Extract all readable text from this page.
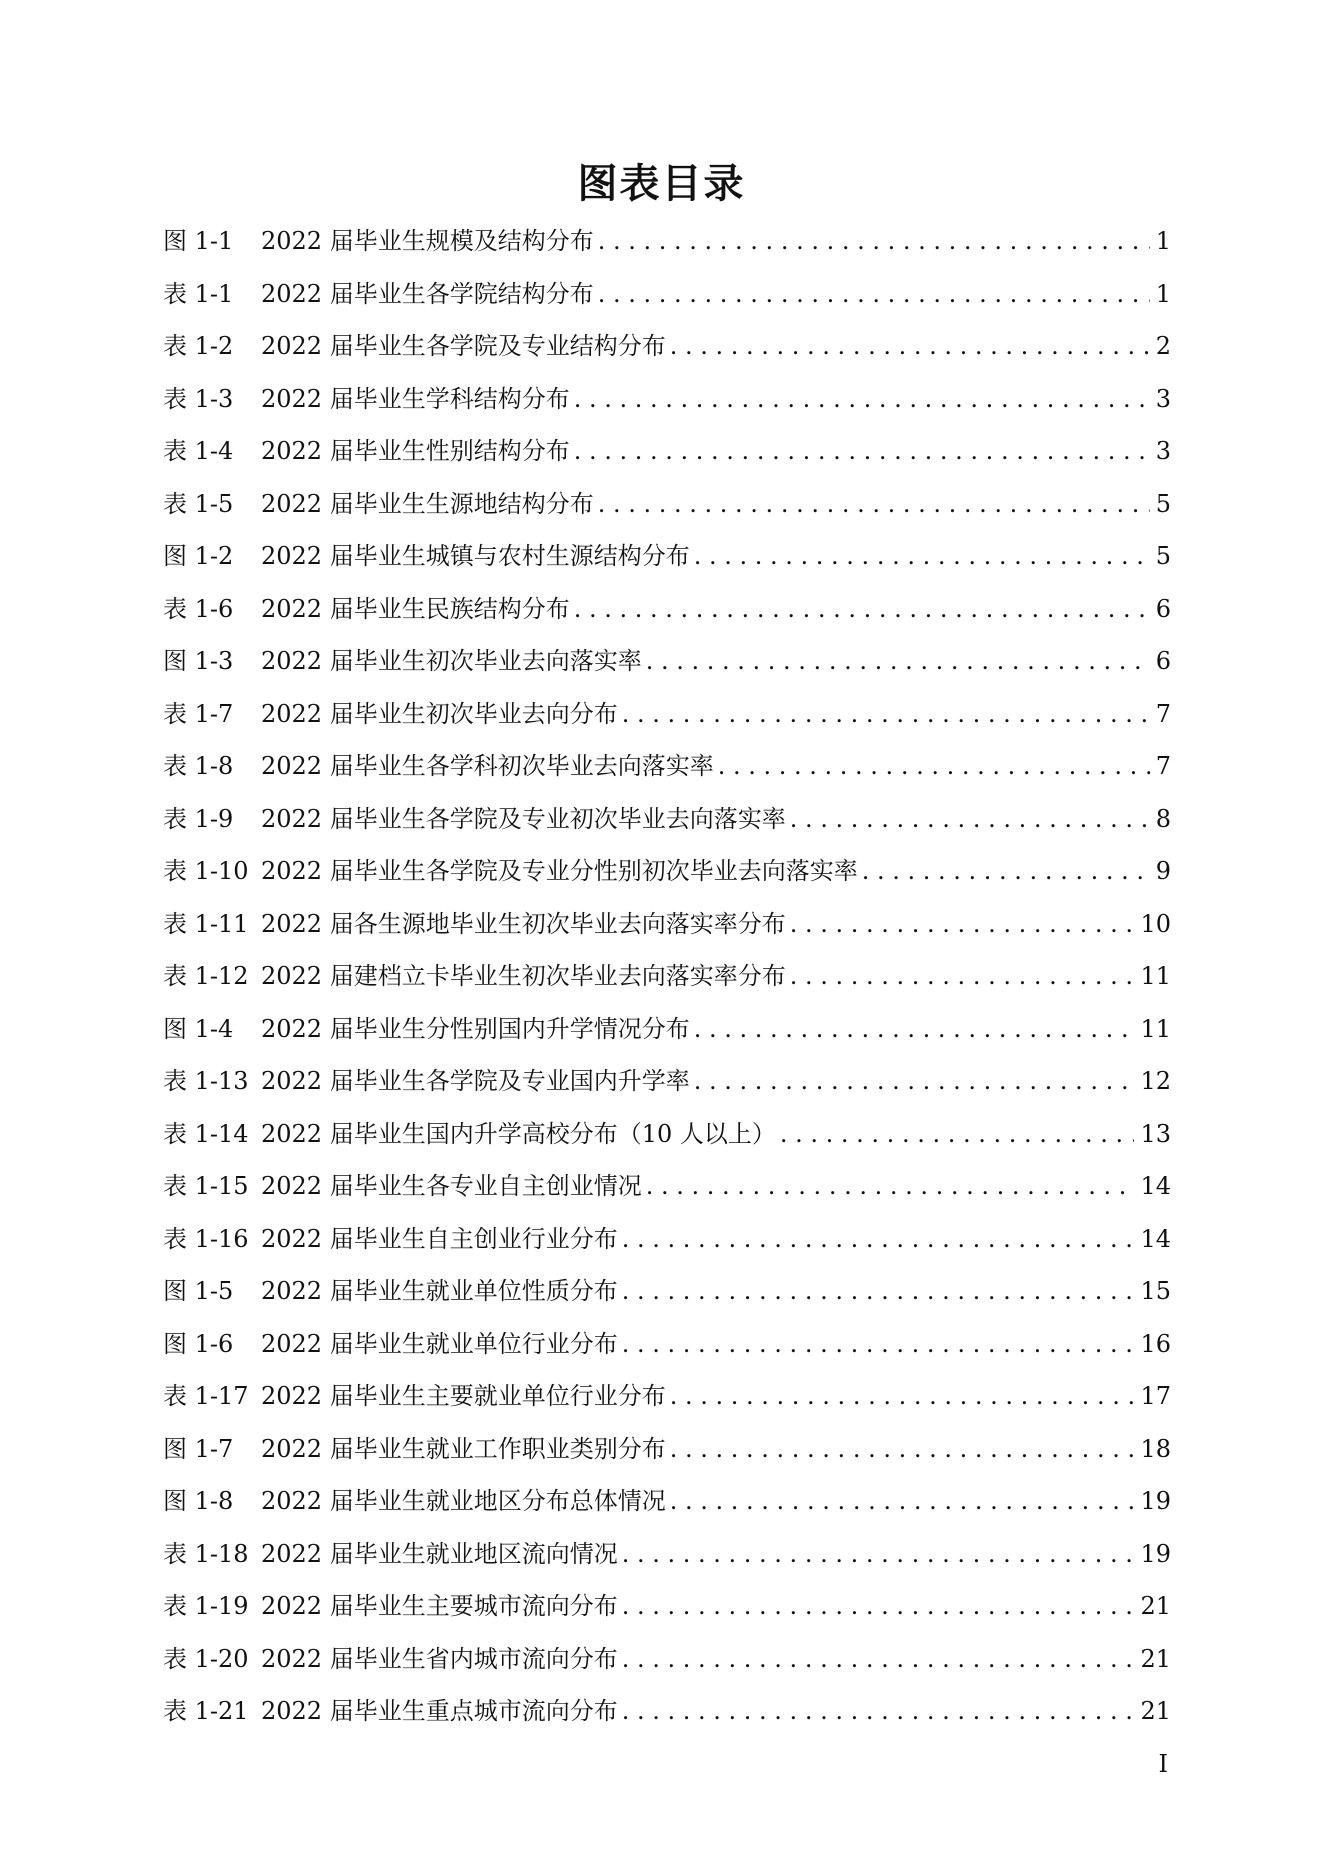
图表目录
图 1-1	2022 届毕业生规模及结构分布 . . .	1
表 1-1	2022 届毕业生各学院结构分布 . . .	1
表 1-2	2022 届毕业生各学院及专业结构分布 . . .	2
表 1-3	2022 届毕业生学科结构分布 . . .	3
表 1-4	2022 届毕业生性别结构分布 . . .	3
表 1-5	2022 届毕业生生源地结构分布 . . .	5
图 1-2	2022 届毕业生城镇与农村生源结构分布 . . .	5
表 1-6	2022 届毕业生民族结构分布 . . .	6
图 1-3	2022 届毕业生初次毕业去向落实率 . . .	6
表 1-7	2022 届毕业生初次毕业去向分布 . . .	7
表 1-8	2022 届毕业生各学科初次毕业去向落实率 . . .	7
表 1-9	2022 届毕业生各学院及专业初次毕业去向落实率 . . .	8
表 1-10 2022 届毕业生各学院及专业分性别初次毕业去向落实率 . . .	9
表 1-11 2022 届各生源地毕业生初次毕业去向落实率分布 . . .	10
表 1-12 2022 届建档立卡毕业生初次毕业去向落实率分布 . . .	11
图 1-4	2022 届毕业生分性别国内升学情况分布 . . .	11
表 1-13 2022 届毕业生各学院及专业国内升学率 . . .	12
表 1-14 2022 届毕业生国内升学高校分布（10 人以上） . . .	13
表 1-15 2022 届毕业生各专业自主创业情况 . . .	14
表 1-16 2022 届毕业生自主创业行业分布 . . .	14
图 1-5	2022 届毕业生就业单位性质分布 . . .	15
图 1-6	2022 届毕业生就业单位行业分布 . . .	16
表 1-17 2022 届毕业生主要就业单位行业分布 . . .	17
图 1-7	2022 届毕业生就业工作职业类别分布 . . .	18
图 1-8	2022 届毕业生就业地区分布总体情况 . . .	19
表 1-18 2022 届毕业生就业地区流向情况 . . .	19
表 1-19 2022 届毕业生主要城市流向分布 . . .	21
表 1-20 2022 届毕业生省内城市流向分布 . . .	21
表 1-21 2022 届毕业生重点城市流向分布 . . .	21
I
